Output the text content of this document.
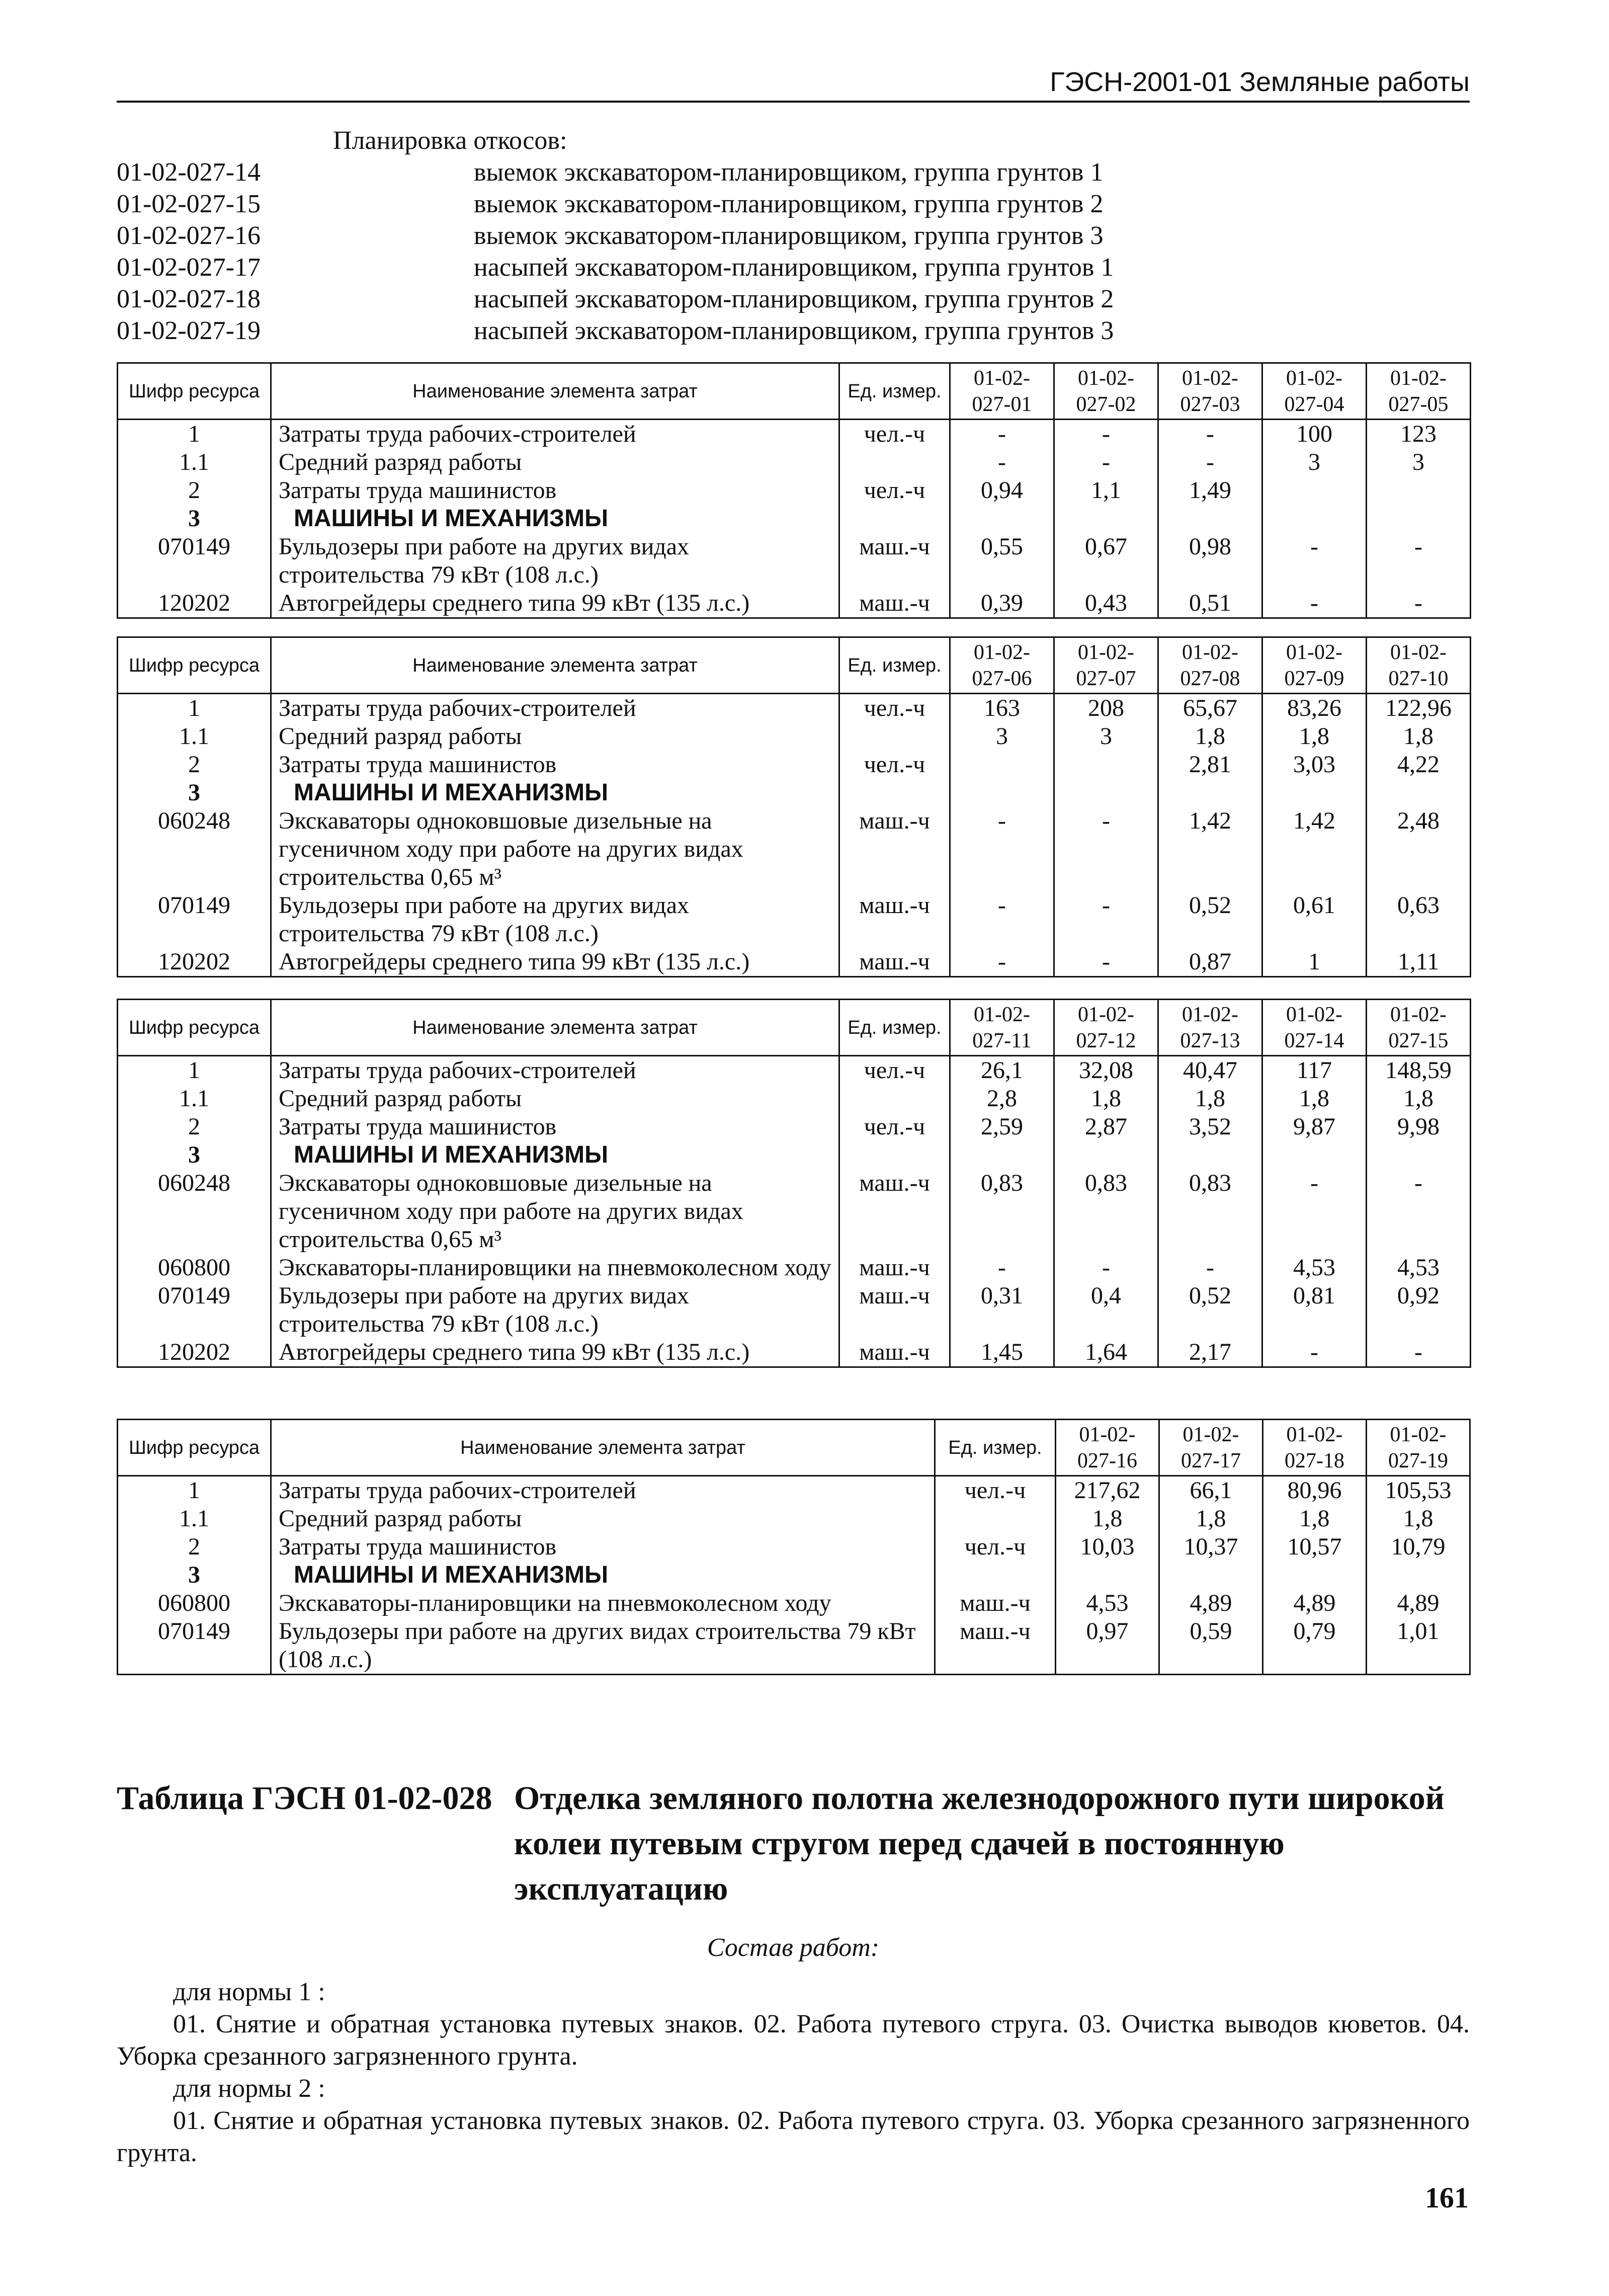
ГЭСН-2001-01 Земляные работы
Планировка откосов:
01-02-027-14	выемок экскаватором-планировщиком, группа грунтов 1
01-02-027-15	выемок экскаватором-планировщиком, группа грунтов 2
01-02-027-16	выемок экскаватором-планировщиком, группа грунтов 3
01-02-027-17	насыпей экскаватором-планировщиком, группа грунтов 1
01-02-027-18	насыпей экскаватором-планировщиком, группа грунтов 2
01-02-027-19	насыпей экскаватором-планировщиком, группа грунтов 3
Шифр ресурса	Наименование элемента затрат	Ед. измер.	01-02-027-01	01-02-027-02	01-02-027-03	01-02-027-04	01-02-027-05
1	Затраты труда рабочих-строителей	чел.-ч	-	-	-	100	123
1.1	Средний разряд работы		-	-	-	3	3
2	Затраты труда машинистов	чел.-ч	0,94	1,1	1,49		
3	МАШИНЫ И МЕХАНИЗМЫ						
070149	Бульдозеры при работе на других видах строительства 79 кВт (108 л.с.)	маш.-ч	0,55	0,67	0,98	-	-
120202	Автогрейдеры среднего типа 99 кВт (135 л.с.)	маш.-ч	0,39	0,43	0,51	-	-
Шифр ресурса	Наименование элемента затрат	Ед. измер.	01-02-027-06	01-02-027-07	01-02-027-08	01-02-027-09	01-02-027-10
1	Затраты труда рабочих-строителей	чел.-ч	163	208	65,67	83,26	122,96
1.1	Средний разряд работы		3	3	1,8	1,8	1,8
2	Затраты труда машинистов	чел.-ч			2,81	3,03	4,22
3	МАШИНЫ И МЕХАНИЗМЫ						
060248	Экскаваторы одноковшовые дизельные на гусеничном ходу при работе на других видах строительства 0,65 м³	маш.-ч	-	-	1,42	1,42	2,48
070149	Бульдозеры при работе на других видах строительства 79 кВт (108 л.с.)	маш.-ч	-	-	0,52	0,61	0,63
120202	Автогрейдеры среднего типа 99 кВт (135 л.с.)	маш.-ч	-	-	0,87	1	1,11
Шифр ресурса	Наименование элемента затрат	Ед. измер.	01-02-027-11	01-02-027-12	01-02-027-13	01-02-027-14	01-02-027-15
1	Затраты труда рабочих-строителей	чел.-ч	26,1	32,08	40,47	117	148,59
1.1	Средний разряд работы		2,8	1,8	1,8	1,8	1,8
2	Затраты труда машинистов	чел.-ч	2,59	2,87	3,52	9,87	9,98
3	МАШИНЫ И МЕХАНИЗМЫ						
060248	Экскаваторы одноковшовые дизельные на гусеничном ходу при работе на других видах строительства 0,65 м³	маш.-ч	0,83	0,83	0,83	-	-
060800	Экскаваторы-планировщики на пневмоколесном ходу	маш.-ч	-	-	-	4,53	4,53
070149	Бульдозеры при работе на других видах строительства 79 кВт (108 л.с.)	маш.-ч	0,31	0,4	0,52	0,81	0,92
120202	Автогрейдеры среднего типа 99 кВт (135 л.с.)	маш.-ч	1,45	1,64	2,17	-	-
Шифр ресурса	Наименование элемента затрат	Ед. измер.	01-02-027-16	01-02-027-17	01-02-027-18	01-02-027-19
1	Затраты труда рабочих-строителей	чел.-ч	217,62	66,1	80,96	105,53
1.1	Средний разряд работы		1,8	1,8	1,8	1,8
2	Затраты труда машинистов	чел.-ч	10,03	10,37	10,57	10,79
3	МАШИНЫ И МЕХАНИЗМЫ					
060800	Экскаваторы-планировщики на пневмоколесном ходу	маш.-ч	4,53	4,89	4,89	4,89
070149	Бульдозеры при работе на других видах строительства 79 кВт (108 л.с.)	маш.-ч	0,97	0,59	0,79	1,01
Таблица ГЭСН 01-02-028 Отделка земляного полотна железнодорожного пути широкой колеи путевым стругом перед сдачей в постоянную эксплуатацию
Состав работ:
для нормы 1 :
01. Снятие и обратная установка путевых знаков. 02. Работа путевого струга. 03. Очистка выводов кюветов. 04. Уборка срезанного загрязненного грунта.
для нормы 2 :
01. Снятие и обратная установка путевых знаков. 02. Работа путевого струга. 03. Уборка срезанного загрязненного грунта.
161
